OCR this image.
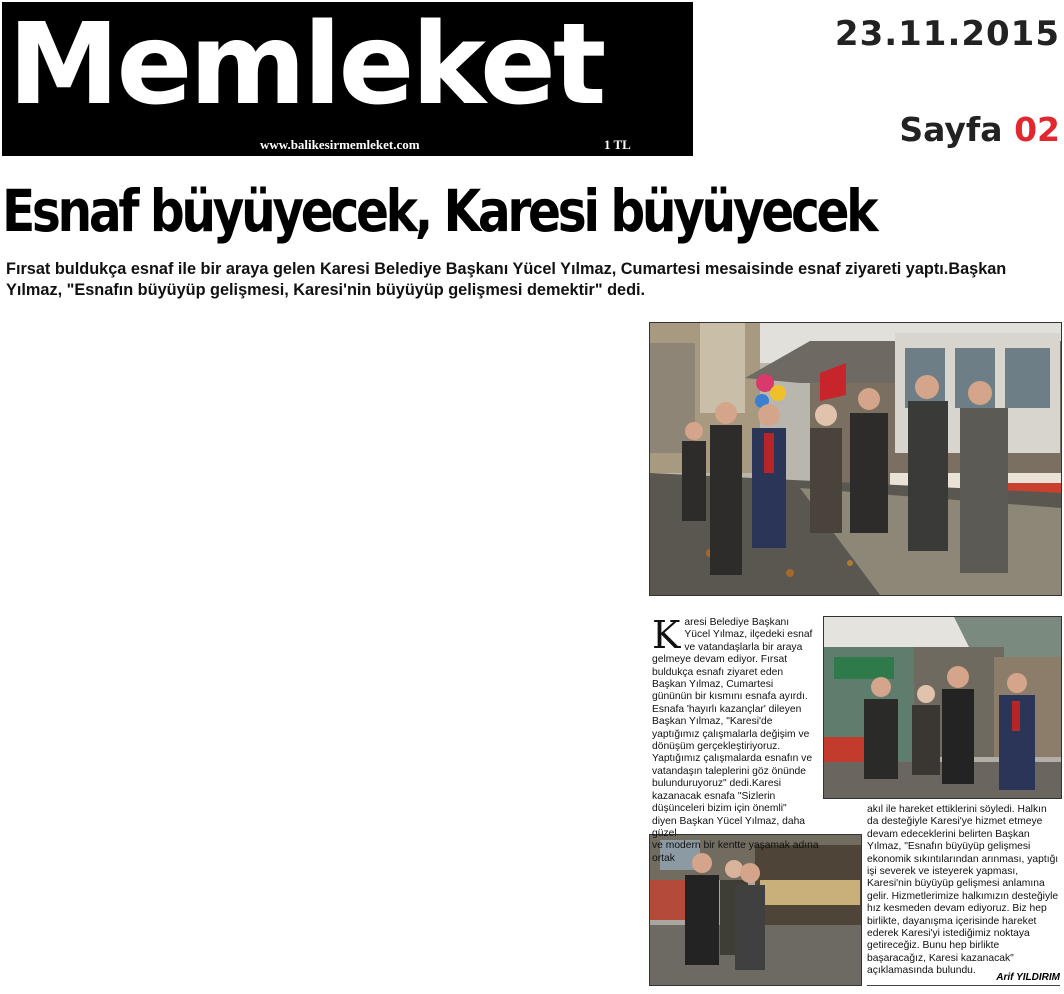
Memleket
www.balikesirmemleket.com	1 TL
23.11.2015
Sayfa 02
Esnaf büyüyecek, Karesi büyüyecek

Fırsat buldukça esnaf ile bir araya gelen Karesi Belediye Başkanı Yücel Yılmaz, Cumartesi mesaisinde esnaf ziyareti yaptı.Başkan Yılmaz, "Esnafın büyüyüp gelişmesi, Karesi'nin büyüyüp gelişmesi demektir" dedi.

Karesi Belediye Başkanı
Yücel Yılmaz, ilçedeki esnaf
ve vatandaşlarla bir araya
gelmeye devam ediyor. Fırsat
buldukça esnafı ziyaret eden
Başkan Yılmaz, Cumartesi
gününün bir kısmını esnafa ayırdı.
Esnafa 'hayırlı kazançlar' dileyen
Başkan Yılmaz, "Karesi'de
yaptığımız çalışmalarla değişim ve
dönüşüm gerçekleştiriyoruz.
Yaptığımız çalışmalarda esnafın ve
vatandaşın taleplerini göz önünde
bulunduruyoruz" dedi.Karesi
kazanacak esnafa "Sizlerin
düşünceleri bizim için önemli"
diyen Başkan Yücel Yılmaz, daha güzel
ve modern bir kentte yaşamak adına ortak
akıl ile hareket ettiklerini söyledi. Halkın
da desteğiyle Karesi'ye hizmet etmeye
devam edeceklerini belirten Başkan
Yılmaz, "Esnafın büyüyüp gelişmesi
ekonomik sıkıntılarından arınması, yaptığı
işi severek ve isteyerek yapması,
Karesi'nin büyüyüp gelişmesi anlamına
gelir. Hizmetlerimize halkımızın desteğiyle
hız kesmeden devam ediyoruz. Biz hep
birlikte, dayanışma içerisinde hareket
ederek Karesi'yi istediğimiz noktaya
getireceğiz. Bunu hep birlikte
başaracağız, Karesi kazanacak"
açıklamasında bulundu.
Arif YILDIRIM
